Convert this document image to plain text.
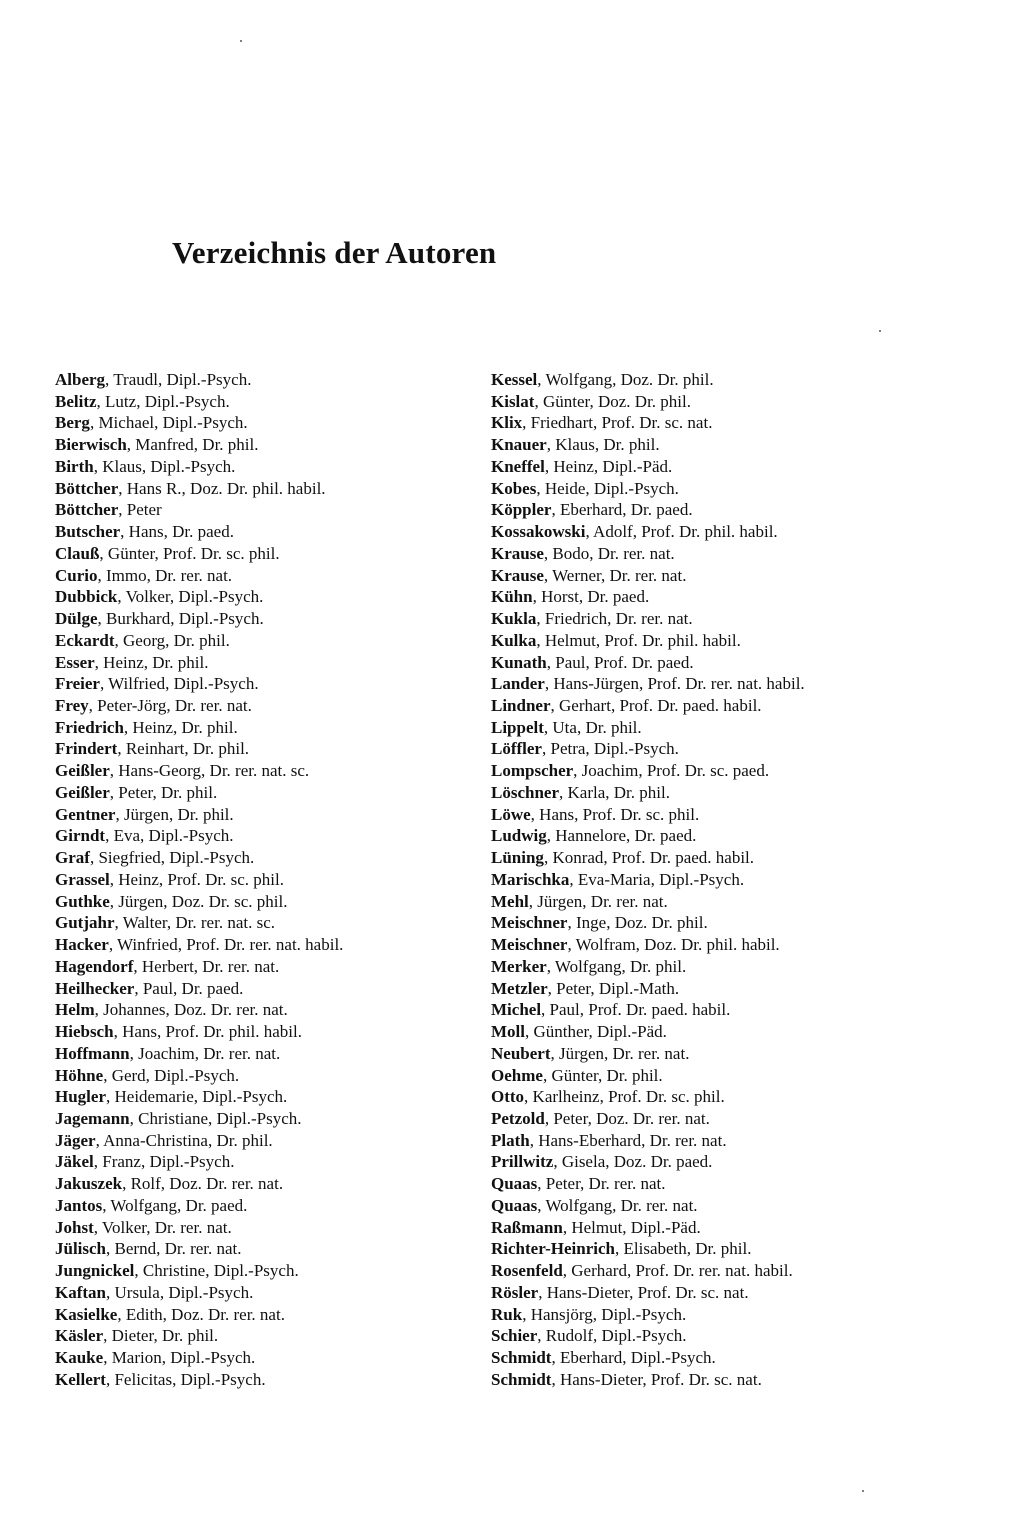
Verzeichnis der Autoren
Alberg, Traudl, Dipl.-Psych.
Belitz, Lutz, Dipl.-Psych.
Berg, Michael, Dipl.-Psych.
Bierwisch, Manfred, Dr. phil.
Birth, Klaus, Dipl.-Psych.
Böttcher, Hans R., Doz. Dr. phil. habil.
Böttcher, Peter
Butscher, Hans, Dr. paed.
Clauß, Günter, Prof. Dr. sc. phil.
Curio, Immo, Dr. rer. nat.
Dubbick, Volker, Dipl.-Psych.
Dülge, Burkhard, Dipl.-Psych.
Eckardt, Georg, Dr. phil.
Esser, Heinz, Dr. phil.
Freier, Wilfried, Dipl.-Psych.
Frey, Peter-Jörg, Dr. rer. nat.
Friedrich, Heinz, Dr. phil.
Frindert, Reinhart, Dr. phil.
Geißler, Hans-Georg, Dr. rer. nat. sc.
Geißler, Peter, Dr. phil.
Gentner, Jürgen, Dr. phil.
Girndt, Eva, Dipl.-Psych.
Graf, Siegfried, Dipl.-Psych.
Grassel, Heinz, Prof. Dr. sc. phil.
Guthke, Jürgen, Doz. Dr. sc. phil.
Gutjahr, Walter, Dr. rer. nat. sc.
Hacker, Winfried, Prof. Dr. rer. nat. habil.
Hagendorf, Herbert, Dr. rer. nat.
Heilhecker, Paul, Dr. paed.
Helm, Johannes, Doz. Dr. rer. nat.
Hiebsch, Hans, Prof. Dr. phil. habil.
Hoffmann, Joachim, Dr. rer. nat.
Höhne, Gerd, Dipl.-Psych.
Hugler, Heidemarie, Dipl.-Psych.
Jagemann, Christiane, Dipl.-Psych.
Jäger, Anna-Christina, Dr. phil.
Jäkel, Franz, Dipl.-Psych.
Jakuszek, Rolf, Doz. Dr. rer. nat.
Jantos, Wolfgang, Dr. paed.
Johst, Volker, Dr. rer. nat.
Jülisch, Bernd, Dr. rer. nat.
Jungnickel, Christine, Dipl.-Psych.
Kaftan, Ursula, Dipl.-Psych.
Kasielke, Edith, Doz. Dr. rer. nat.
Käsler, Dieter, Dr. phil.
Kauke, Marion, Dipl.-Psych.
Kellert, Felicitas, Dipl.-Psych.
Kessel, Wolfgang, Doz. Dr. phil.
Kislat, Günter, Doz. Dr. phil.
Klix, Friedhart, Prof. Dr. sc. nat.
Knauer, Klaus, Dr. phil.
Kneffel, Heinz, Dipl.-Päd.
Kobes, Heide, Dipl.-Psych.
Köppler, Eberhard, Dr. paed.
Kossakowski, Adolf, Prof. Dr. phil. habil.
Krause, Bodo, Dr. rer. nat.
Krause, Werner, Dr. rer. nat.
Kühn, Horst, Dr. paed.
Kukla, Friedrich, Dr. rer. nat.
Kulka, Helmut, Prof. Dr. phil. habil.
Kunath, Paul, Prof. Dr. paed.
Lander, Hans-Jürgen, Prof. Dr. rer. nat. habil.
Lindner, Gerhart, Prof. Dr. paed. habil.
Lippelt, Uta, Dr. phil.
Löffler, Petra, Dipl.-Psych.
Lompscher, Joachim, Prof. Dr. sc. paed.
Löschner, Karla, Dr. phil.
Löwe, Hans, Prof. Dr. sc. phil.
Ludwig, Hannelore, Dr. paed.
Lüning, Konrad, Prof. Dr. paed. habil.
Marischka, Eva-Maria, Dipl.-Psych.
Mehl, Jürgen, Dr. rer. nat.
Meischner, Inge, Doz. Dr. phil.
Meischner, Wolfram, Doz. Dr. phil. habil.
Merker, Wolfgang, Dr. phil.
Metzler, Peter, Dipl.-Math.
Michel, Paul, Prof. Dr. paed. habil.
Moll, Günther, Dipl.-Päd.
Neubert, Jürgen, Dr. rer. nat.
Oehme, Günter, Dr. phil.
Otto, Karlheinz, Prof. Dr. sc. phil.
Petzold, Peter, Doz. Dr. rer. nat.
Plath, Hans-Eberhard, Dr. rer. nat.
Prillwitz, Gisela, Doz. Dr. paed.
Quaas, Peter, Dr. rer. nat.
Quaas, Wolfgang, Dr. rer. nat.
Raßmann, Helmut, Dipl.-Päd.
Richter-Heinrich, Elisabeth, Dr. phil.
Rosenfeld, Gerhard, Prof. Dr. rer. nat. habil.
Rösler, Hans-Dieter, Prof. Dr. sc. nat.
Ruk, Hansjörg, Dipl.-Psych.
Schier, Rudolf, Dipl.-Psych.
Schmidt, Eberhard, Dipl.-Psych.
Schmidt, Hans-Dieter, Prof. Dr. sc. nat.
